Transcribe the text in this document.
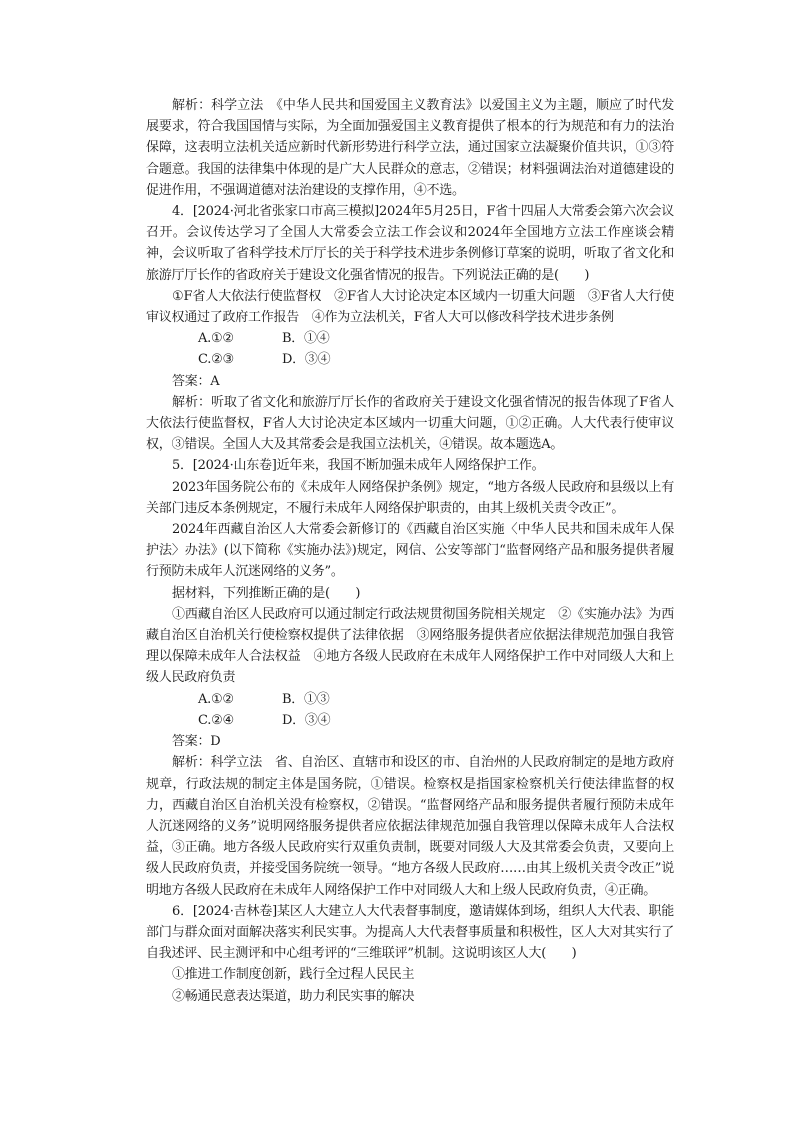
解析：科学立法　《中华人民共和国爱国主义教育法》以爱国主义为主题，顺应了时代发展要求，符合我国国情与实际，为全面加强爱国主义教育提供了根本的行为规范和有力的法治保障，这表明立法机关适应新时代新形势进行科学立法，通过国家立法凝聚价值共识，①③符合题意。我国的法律集中体现的是广大人民群众的意志，②错误；材料强调法治对道德建设的促进作用，不强调道德对法治建设的支撑作用，④不选。

4．[2024·河北省张家口市高三模拟]2024年5月25日，F省十四届人大常委会第六次会议召开。会议传达学习了全国人大常委会立法工作会议和2024年全国地方立法工作座谈会精神，会议听取了省科学技术厅厅长的关于科学技术进步条例修订草案的说明，听取了省文化和旅游厅厅长作的省政府关于建设文化强省情况的报告。下列说法正确的是(　　)

①F省人大依法行使监督权　②F省人大讨论决定本区域内一切重大问题　③F省人大行使审议权通过了政府工作报告　④作为立法机关，F省人大可以修改科学技术进步条例

A.①②	B．①④
C.②③	D．③④

答案：A

解析：听取了省文化和旅游厅厅长作的省政府关于建设文化强省情况的报告体现了F省人大依法行使监督权，F省人大讨论决定本区域内一切重大问题，①②正确。人大代表行使审议权，③错误。全国人大及其常委会是我国立法机关，④错误。故本题选A。

5．[2024·山东卷]近年来，我国不断加强未成年人网络保护工作。

2023年国务院公布的《未成年人网络保护条例》规定，“地方各级人民政府和县级以上有关部门违反本条例规定，不履行未成年人网络保护职责的，由其上级机关责令改正”。

2024年西藏自治区人大常委会新修订的《西藏自治区实施〈中华人民共和国未成年人保护法〉办法》(以下简称《实施办法》)规定，网信、公安等部门“监督网络产品和服务提供者履行预防未成年人沉迷网络的义务”。

据材料，下列推断正确的是(　　)

①西藏自治区人民政府可以通过制定行政法规贯彻国务院相关规定　②《实施办法》为西藏自治区自治机关行使检察权提供了法律依据　③网络服务提供者应依据法律规范加强自我管理以保障未成年人合法权益　④地方各级人民政府在未成年人网络保护工作中对同级人大和上级人民政府负责

A.①②	B．①③
C.②④	D．③④

答案：D

解析：科学立法　省、自治区、直辖市和设区的市、自治州的人民政府制定的是地方政府规章，行政法规的制定主体是国务院，①错误。检察权是指国家检察机关行使法律监督的权力，西藏自治区自治机关没有检察权，②错误。“监督网络产品和服务提供者履行预防未成年人沉迷网络的义务”说明网络服务提供者应依据法律规范加强自我管理以保障未成年人合法权益，③正确。地方各级人民政府实行双重负责制，既要对同级人大及其常委会负责，又要向上级人民政府负责，并接受国务院统一领导。“地方各级人民政府……由其上级机关责令改正”说明地方各级人民政府在未成年人网络保护工作中对同级人大和上级人民政府负责，④正确。

6．[2024·吉林卷]某区人大建立人大代表督事制度，邀请媒体到场，组织人大代表、职能部门与群众面对面解决落实利民实事。为提高人大代表督事质量和积极性，区人大对其实行了自我述评、民主测评和中心组考评的“三维联评”机制。这说明该区人大(　　)

①推进工作制度创新，践行全过程人民民主

②畅通民意表达渠道，助力利民实事的解决
